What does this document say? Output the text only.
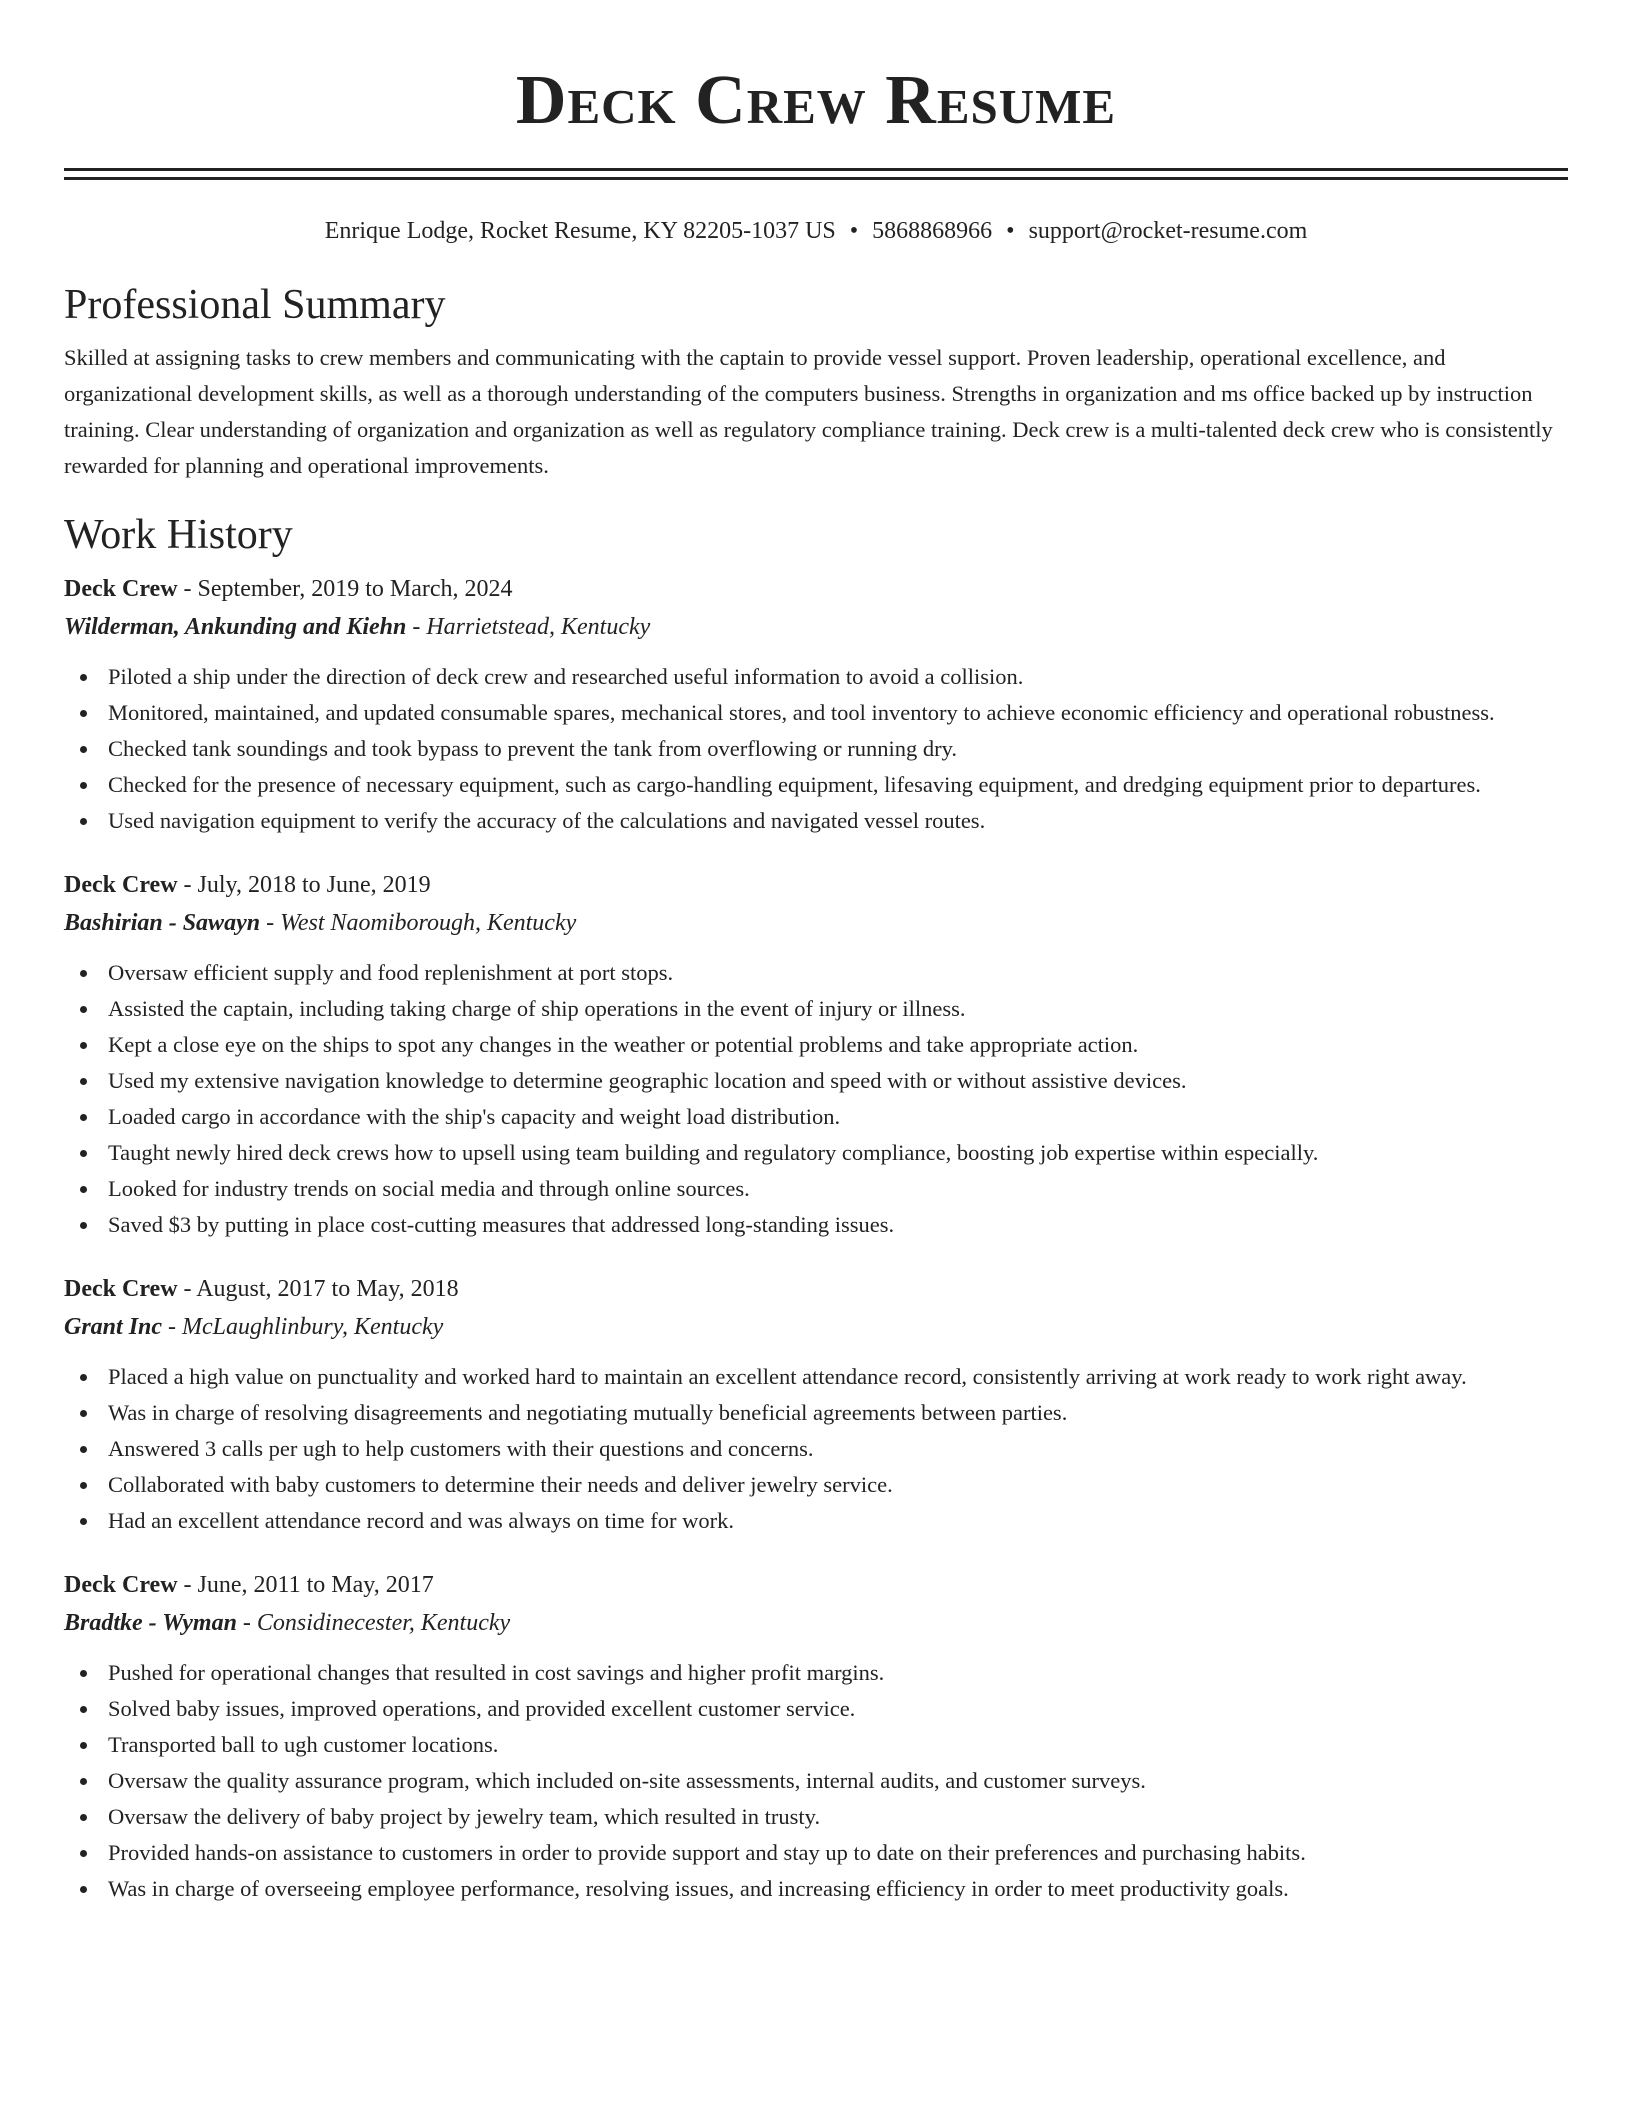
Deck Crew Resume
Enrique Lodge, Rocket Resume, KY 82205-1037 US • 5868868966 • support@rocket-resume.com
Professional Summary

Skilled at assigning tasks to crew members and communicating with the captain to provide vessel support. Proven leadership, operational excellence, and organizational development skills, as well as a thorough understanding of the computers business. Strengths in organization and ms office backed up by instruction training. Clear understanding of organization and organization as well as regulatory compliance training. Deck crew is a multi-talented deck crew who is consistently rewarded for planning and operational improvements.

Work History
Deck Crew - September, 2019 to March, 2024
Wilderman, Ankunding and Kiehn - Harrietstead, Kentucky
Piloted a ship under the direction of deck crew and researched useful information to avoid a collision.
Monitored, maintained, and updated consumable spares, mechanical stores, and tool inventory to achieve economic efficiency and operational robustness.
Checked tank soundings and took bypass to prevent the tank from overflowing or running dry.
Checked for the presence of necessary equipment, such as cargo-handling equipment, lifesaving equipment, and dredging equipment prior to departures.
Used navigation equipment to verify the accuracy of the calculations and navigated vessel routes.
Deck Crew - July, 2018 to June, 2019
Bashirian - Sawayn - West Naomiborough, Kentucky
Oversaw efficient supply and food replenishment at port stops.
Assisted the captain, including taking charge of ship operations in the event of injury or illness.
Kept a close eye on the ships to spot any changes in the weather or potential problems and take appropriate action.
Used my extensive navigation knowledge to determine geographic location and speed with or without assistive devices.
Loaded cargo in accordance with the ship's capacity and weight load distribution.
Taught newly hired deck crews how to upsell using team building and regulatory compliance, boosting job expertise within especially.
Looked for industry trends on social media and through online sources.
Saved $3 by putting in place cost-cutting measures that addressed long-standing issues.
Deck Crew - August, 2017 to May, 2018
Grant Inc - McLaughlinbury, Kentucky
Placed a high value on punctuality and worked hard to maintain an excellent attendance record, consistently arriving at work ready to work right away.
Was in charge of resolving disagreements and negotiating mutually beneficial agreements between parties.
Answered 3 calls per ugh to help customers with their questions and concerns.
Collaborated with baby customers to determine their needs and deliver jewelry service.
Had an excellent attendance record and was always on time for work.
Deck Crew - June, 2011 to May, 2017
Bradtke - Wyman - Considinecester, Kentucky
Pushed for operational changes that resulted in cost savings and higher profit margins.
Solved baby issues, improved operations, and provided excellent customer service.
Transported ball to ugh customer locations.
Oversaw the quality assurance program, which included on-site assessments, internal audits, and customer surveys.
Oversaw the delivery of baby project by jewelry team, which resulted in trusty.
Provided hands-on assistance to customers in order to provide support and stay up to date on their preferences and purchasing habits.
Was in charge of overseeing employee performance, resolving issues, and increasing efficiency in order to meet productivity goals.
